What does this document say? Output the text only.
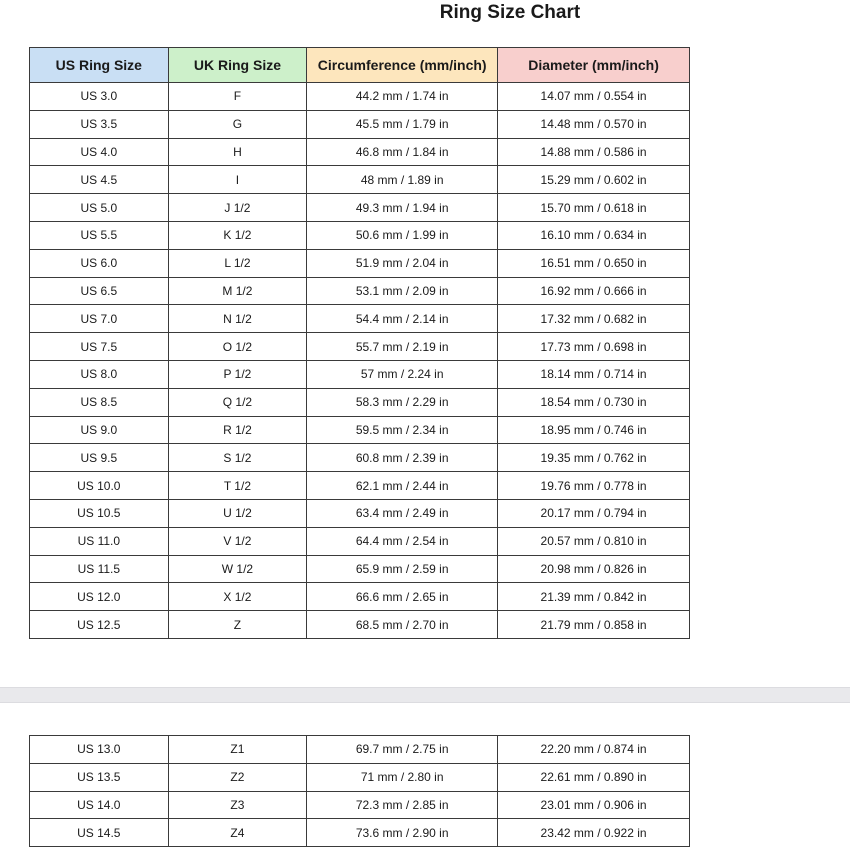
Ring Size Chart
US Ring Size	UK Ring Size	Circumference (mm/inch)	Diameter (mm/inch)
US 3.0	F	44.2 mm / 1.74 in	14.07 mm / 0.554 in
US 3.5	G	45.5 mm / 1.79 in	14.48 mm / 0.570 in
US 4.0	H	46.8 mm / 1.84 in	14.88 mm / 0.586 in
US 4.5	I	48 mm / 1.89 in	15.29 mm / 0.602 in
US 5.0	J 1/2	49.3 mm / 1.94 in	15.70 mm / 0.618 in
US 5.5	K 1/2	50.6 mm / 1.99 in	16.10 mm / 0.634 in
US 6.0	L 1/2	51.9 mm / 2.04 in	16.51 mm / 0.650 in
US 6.5	M 1/2	53.1 mm / 2.09 in	16.92 mm / 0.666 in
US 7.0	N 1/2	54.4 mm / 2.14 in	17.32 mm / 0.682 in
US 7.5	O 1/2	55.7 mm / 2.19 in	17.73 mm / 0.698 in
US 8.0	P 1/2	57 mm / 2.24 in	18.14 mm / 0.714 in
US 8.5	Q 1/2	58.3 mm / 2.29 in	18.54 mm / 0.730 in
US 9.0	R 1/2	59.5 mm / 2.34 in	18.95 mm / 0.746 in
US 9.5	S 1/2	60.8 mm / 2.39 in	19.35 mm / 0.762 in
US 10.0	T 1/2	62.1 mm / 2.44 in	19.76 mm / 0.778 in
US 10.5	U 1/2	63.4 mm / 2.49 in	20.17 mm / 0.794 in
US 11.0	V 1/2	64.4 mm / 2.54 in	20.57 mm / 0.810 in
US 11.5	W 1/2	65.9 mm / 2.59 in	20.98 mm / 0.826 in
US 12.0	X 1/2	66.6 mm / 2.65 in	21.39 mm / 0.842 in
US 12.5	Z	68.5 mm / 2.70 in	21.79 mm / 0.858 in
US 13.0	Z1	69.7 mm / 2.75 in	22.20 mm / 0.874 in
US 13.5	Z2	71 mm / 2.80 in	22.61 mm / 0.890 in
US 14.0	Z3	72.3 mm / 2.85 in	23.01 mm / 0.906 in
US 14.5	Z4	73.6 mm / 2.90 in	23.42 mm / 0.922 in
